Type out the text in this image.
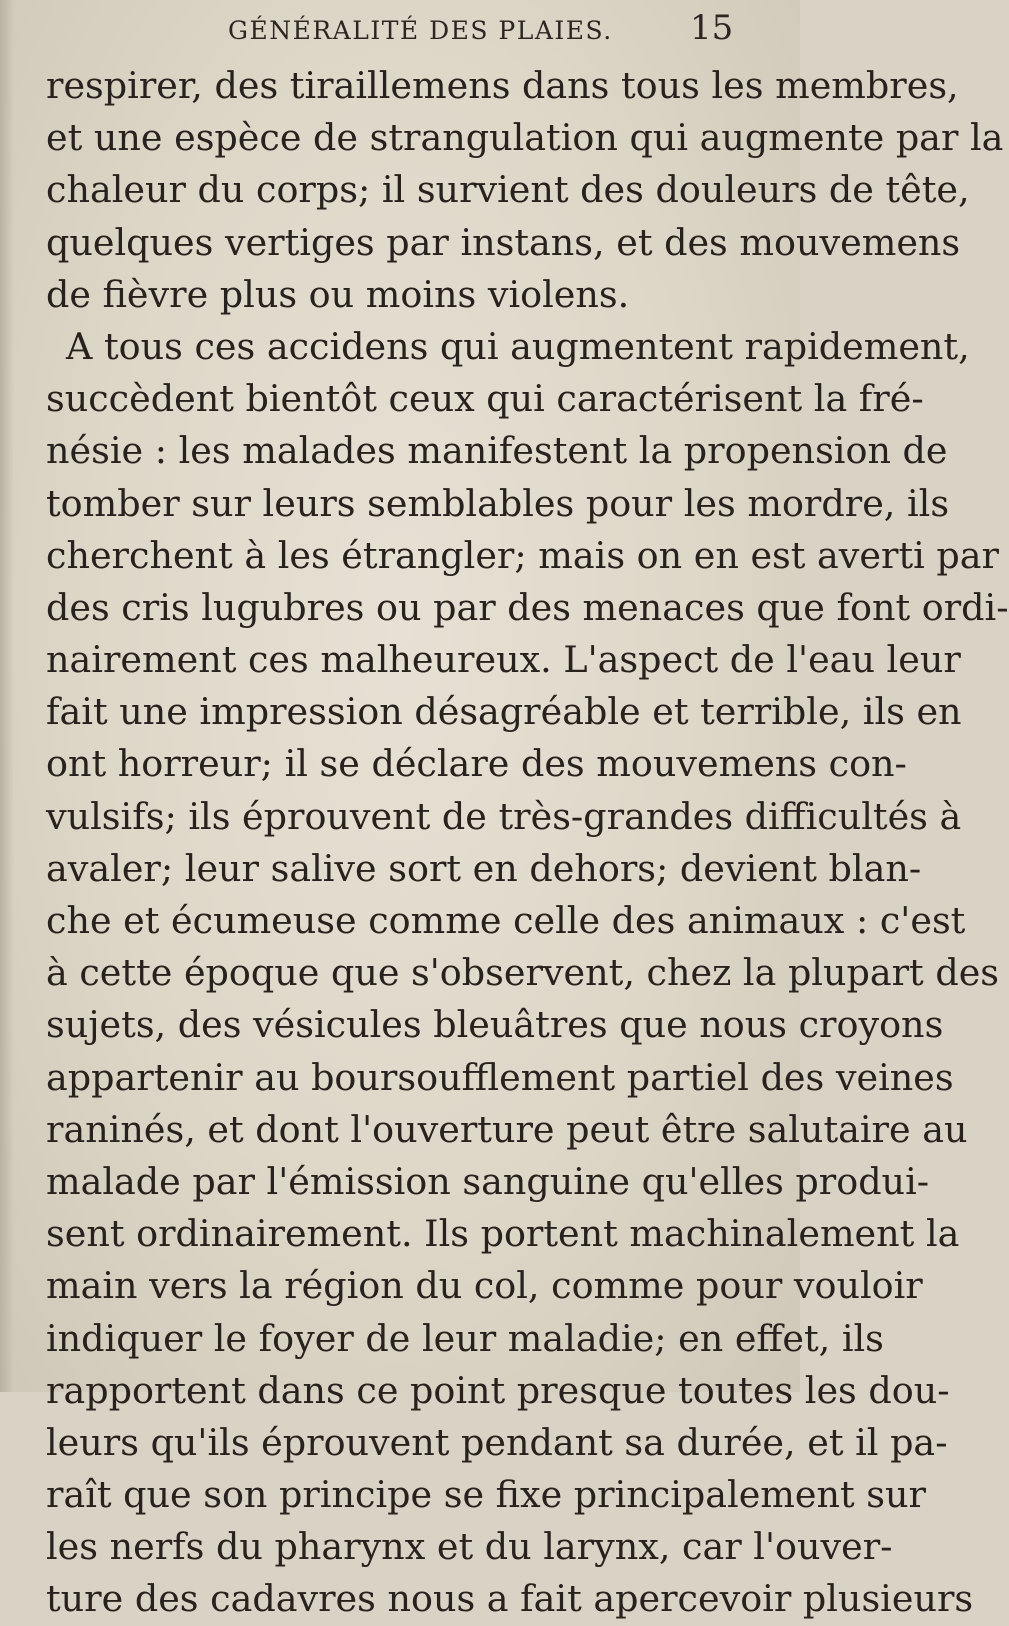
GÉNÉRALITÉ DES PLAIES. 15
respirer, des tiraillemens dans tous les membres,
et une espèce de strangulation qui augmente par la
chaleur du corps; il survient des douleurs de tête,
quelques vertiges par instans, et des mouvemens
de fièvre plus ou moins violens.
A tous ces accidens qui augmentent rapidement,
succèdent bientôt ceux qui caractérisent la fré-
nésie : les malades manifestent la propension de
tomber sur leurs semblables pour les mordre, ils
cherchent à les étrangler; mais on en est averti par
des cris lugubres ou par des menaces que font ordi-
nairement ces malheureux. L'aspect de l'eau leur
fait une impression désagréable et terrible, ils en
ont horreur; il se déclare des mouvemens con-
vulsifs; ils éprouvent de très-grandes difficultés à
avaler; leur salive sort en dehors; devient blan-
che et écumeuse comme celle des animaux : c'est
à cette époque que s'observent, chez la plupart des
sujets, des vésicules bleuâtres que nous croyons
appartenir au boursoufflement partiel des veines
raninés, et dont l'ouverture peut être salutaire au
malade par l'émission sanguine qu'elles produi-
sent ordinairement. Ils portent machinalement la
main vers la région du col, comme pour vouloir
indiquer le foyer de leur maladie; en effet, ils
rapportent dans ce point presque toutes les dou-
leurs qu'ils éprouvent pendant sa durée, et il pa-
raît que son principe se fixe principalement sur
les nerfs du pharynx et du larynx, car l'ouver-
ture des cadavres nous a fait apercevoir plusieurs
